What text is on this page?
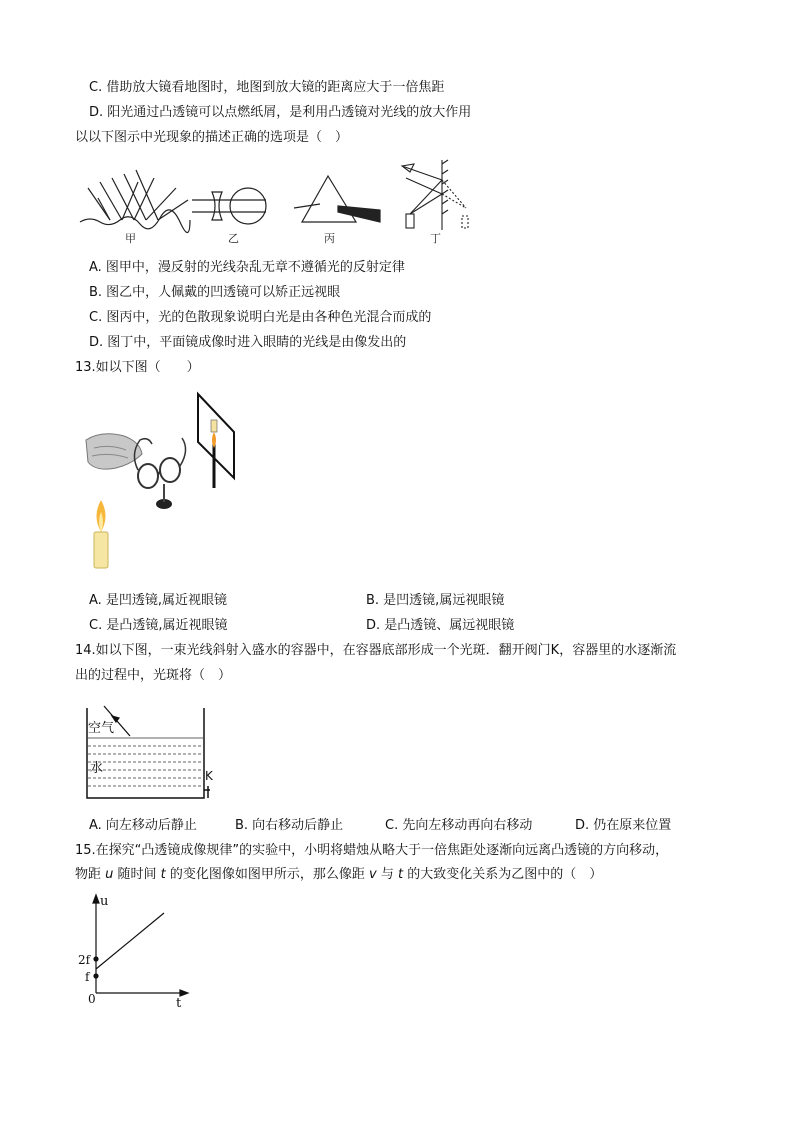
C. 借助放大镜看地图时，地图到放大镜的距离应大于一倍焦距
D. 阳光通过凸透镜可以点燃纸屑，是利用凸透镜对光线的放大作用
以以下图示中光现象的描述正确的选项是（　）
甲	乙	丙	丁
A. 图甲中，漫反射的光线杂乱无章不遵循光的反射定律
B. 图乙中，人佩戴的凹透镜可以矫正远视眼
C. 图丙中，光的色散现象说明白光是由各种色光混合而成的
D. 图丁中，平面镜成像时进入眼睛的光线是由像发出的
13.如以下图（　　）
A. 是凹透镜,属近视眼镜	B. 是凹透镜,属远视眼镜
C. 是凸透镜,属近视眼镜	D. 是凸透镜、属远视眼镜
14.如以下图，一束光线斜射入盛水的容器中，在容器底部形成一个光斑．翻开阀门K，容器里的水逐渐流
出的过程中，光斑将（　）
空气
水	K
A. 向左移动后静止	B. 向右移动后静止	C. 先向左移动再向右移动	D. 仍在原来位置
15.在探究“凸透镜成像规律”的实验中，小明将蜡烛从略大于一倍焦距处逐渐向远离凸透镜的方向移动，
物距 u 随时间 t 的变化图像如图甲所示，那么像距 v 与 t 的大致变化关系为乙图中的（　）
u
t
0
2f
f
